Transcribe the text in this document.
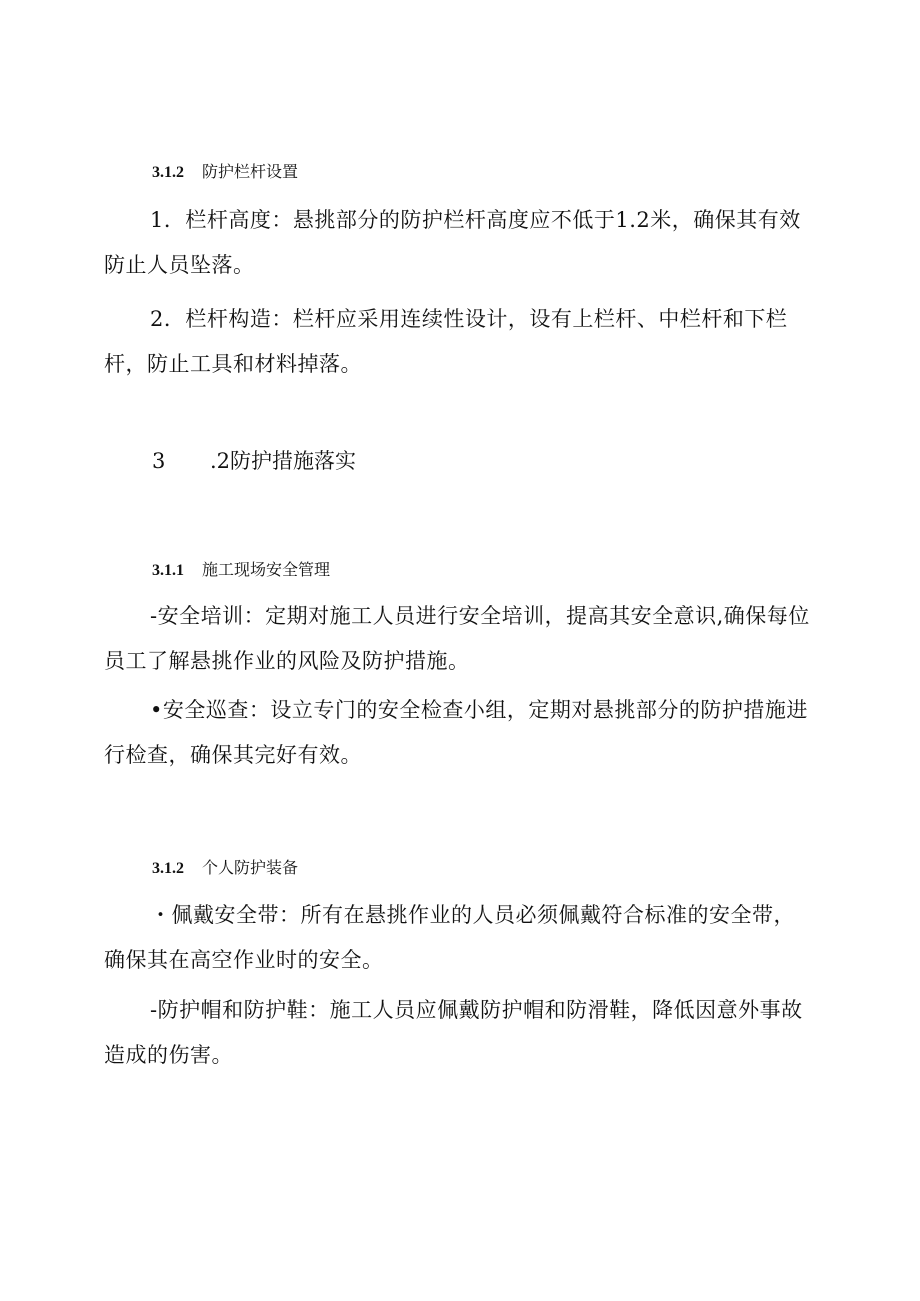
3.1.2 防护栏杆设置
1．栏杆高度：悬挑部分的防护栏杆高度应不低于1.2米，确保其有效防止人员坠落。
2．栏杆构造：栏杆应采用连续性设计，设有上栏杆、中栏杆和下栏杆，防止工具和材料掉落。
3 .2防护措施落实
3.1.1 施工现场安全管理
-安全培训：定期对施工人员进行安全培训，提高其安全意识,确保每位员工了解悬挑作业的风险及防护措施。
•安全巡查：设立专门的安全检查小组，定期对悬挑部分的防护措施进行检查，确保其完好有效。
3.1.2 个人防护装备
・佩戴安全带：所有在悬挑作业的人员必须佩戴符合标准的安全带，确保其在高空作业时的安全。
-防护帽和防护鞋：施工人员应佩戴防护帽和防滑鞋，降低因意外事故造成的伤害。
